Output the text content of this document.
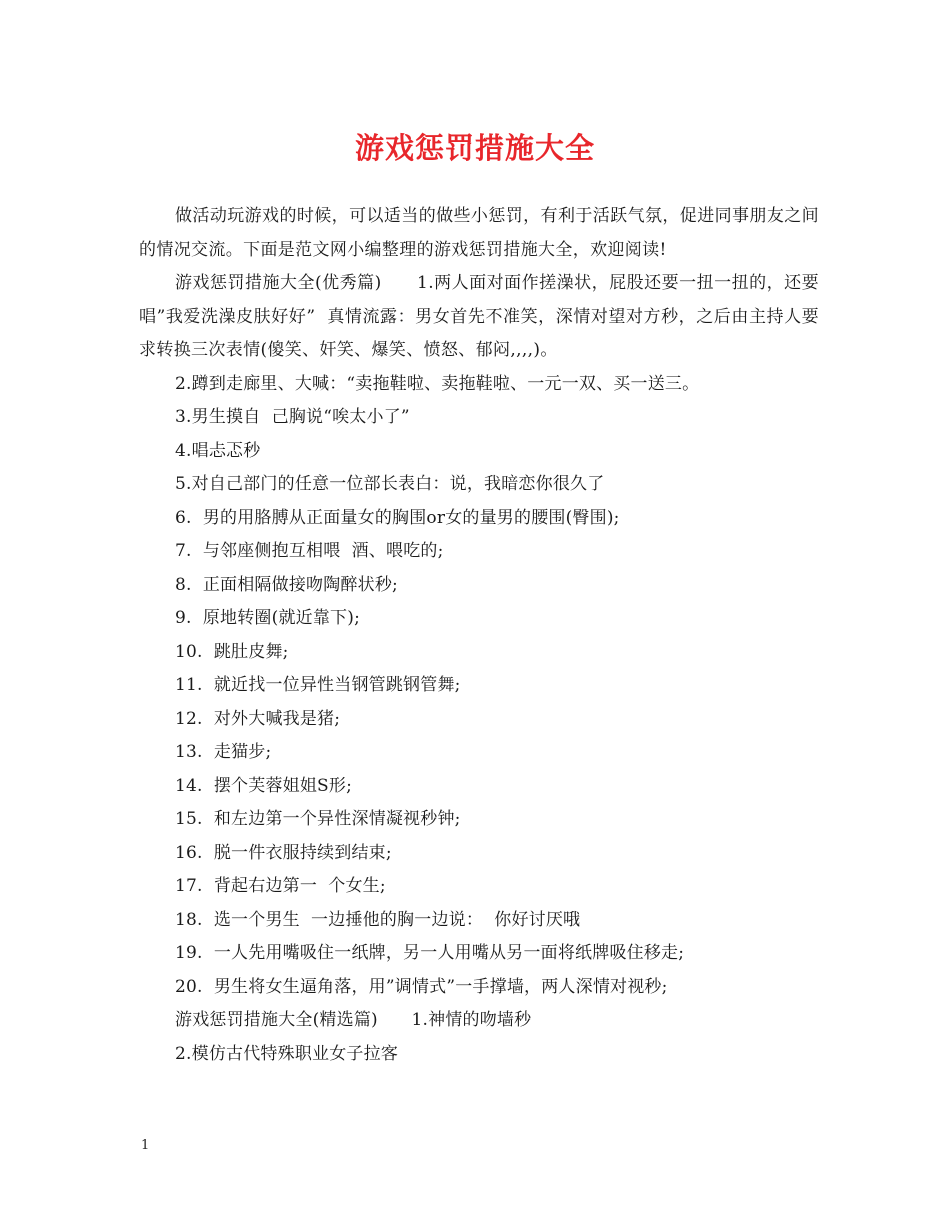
游戏惩罚措施大全

做活动玩游戏的时候，可以适当的做些小惩罚，有利于活跃气氛，促进同事朋友之间的情况交流。下面是范文网小编整理的游戏惩罚措施大全，欢迎阅读!

游戏惩罚措施大全(优秀篇)      1.两人面对面作搓澡状，屁股还要一扭一扭的，还要唱”我爱洗澡皮肤好好”  真情流露：男女首先不准笑，深情对望对方秒，之后由主持人要求转换三次表情(傻笑、奸笑、爆笑、愤怒、郁闷,,,,)。

2.蹲到走廊里、大喊：“卖拖鞋啦、卖拖鞋啦、一元一双、买一送三。

3.男生摸自  己胸说“唉太小了”

4.唱忐忑秒

5.对自己部门的任意一位部长表白：说，我暗恋你很久了

6.  男的用胳膊从正面量女的胸围or女的量男的腰围(臀围);

7.  与邻座侧抱互相喂  酒、喂吃的;

8.  正面相隔做接吻陶醉状秒;

9.  原地转圈(就近靠下);

10.  跳肚皮舞;

11.  就近找一位异性当钢管跳钢管舞;

12.  对外大喊我是猪;

13.  走猫步;

14.  摆个芙蓉姐姐S形;

15.  和左边第一个异性深情凝视秒钟;

16.  脱一件衣服持续到结束;

17.  背起右边第一  个女生;

18.  选一个男生  一边捶他的胸一边说：  你好讨厌哦

19.  一人先用嘴吸住一纸牌，另一人用嘴从另一面将纸牌吸住移走;

20.  男生将女生逼角落，用”调情式”一手撑墙，两人深情对视秒;

游戏惩罚措施大全(精选篇)      1.神情的吻墙秒

2.模仿古代特殊职业女子拉客

1
